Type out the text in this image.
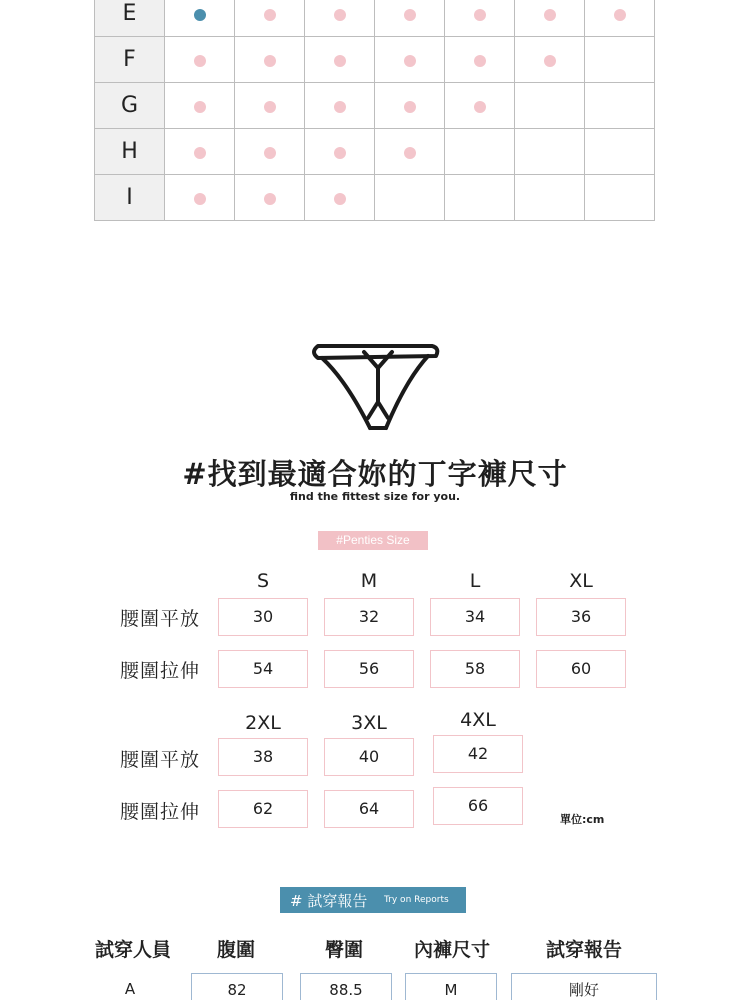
E							
F							
G							
H							
I							
#找到最適合妳的丁字褲尺寸
find the fittest size for you.
#Penties Size
S	M	L	XL
腰圍平放	30	32	34	36
腰圍拉伸	54	56	58	60
2XL	3XL	4XL
腰圍平放	38	40	42
腰圍拉伸	62	64	66
單位:cm
# 試穿報告 Try on Reports
試穿人員	腹圍	臀圍	內褲尺寸	試穿報告
A	82	88.5	M	剛好
